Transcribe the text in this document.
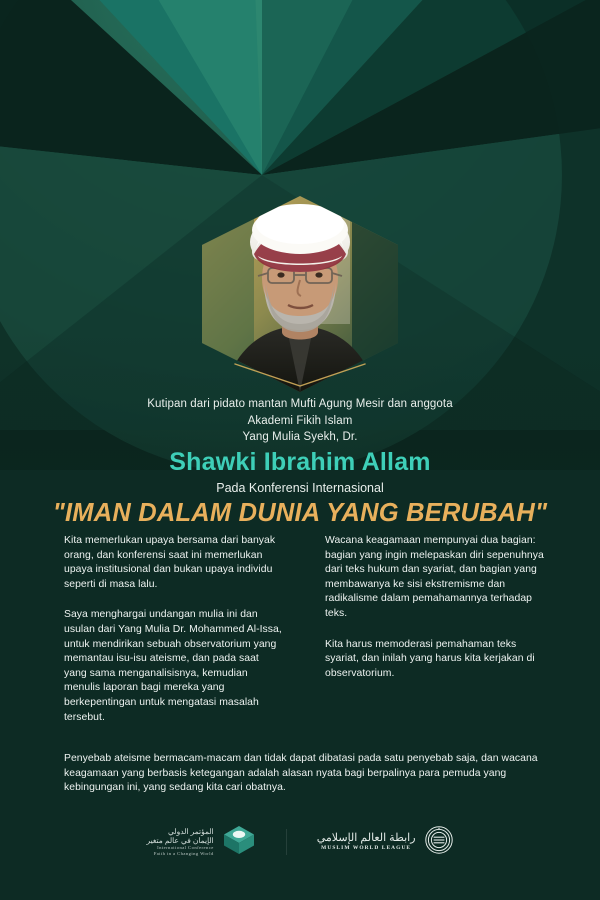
Kutipan dari pidato mantan Mufti Agung Mesir dan anggota
Akademi Fikih Islam
Yang Mulia Syekh, Dr.
Shawki Ibrahim Allam
Pada Konferensi Internasional
"IMAN DALAM DUNIA YANG BERUBAH"

Kita memerlukan upaya bersama dari banyak orang, dan konferensi saat ini memerlukan upaya institusional dan bukan upaya individu seperti di masa lalu.

Saya menghargai undangan mulia ini dan usulan dari Yang Mulia Dr. Mohammed Al-Issa, untuk mendirikan sebuah observatorium yang memantau isu-isu ateisme, dan pada saat yang sama menganalisisnya, kemudian menulis laporan bagi mereka yang berkepentingan untuk mengatasi masalah tersebut.

Wacana keagamaan mempunyai dua bagian: bagian yang ingin melepaskan diri sepenuhnya dari teks hukum dan syariat, dan bagian yang membawanya ke sisi ekstremisme dan radikalisme dalam pemahamannya terhadap teks.

Kita harus memoderasi pemahaman teks syariat, dan inilah yang harus kita kerjakan di observatorium.

Penyebab ateisme bermacam-macam dan tidak dapat dibatasi pada satu penyebab saja, dan wacana keagamaan yang berbasis ketegangan adalah alasan nyata bagi berpalinya para pemuda yang kebingungan ini, yang sedang kita cari obatnya.

المؤتمر الدولي
الإيمان في عالم متغير
International Conference
Faith in a Changing World
رابطة العالم الإسلامي
MUSLIM WORLD LEAGUE
